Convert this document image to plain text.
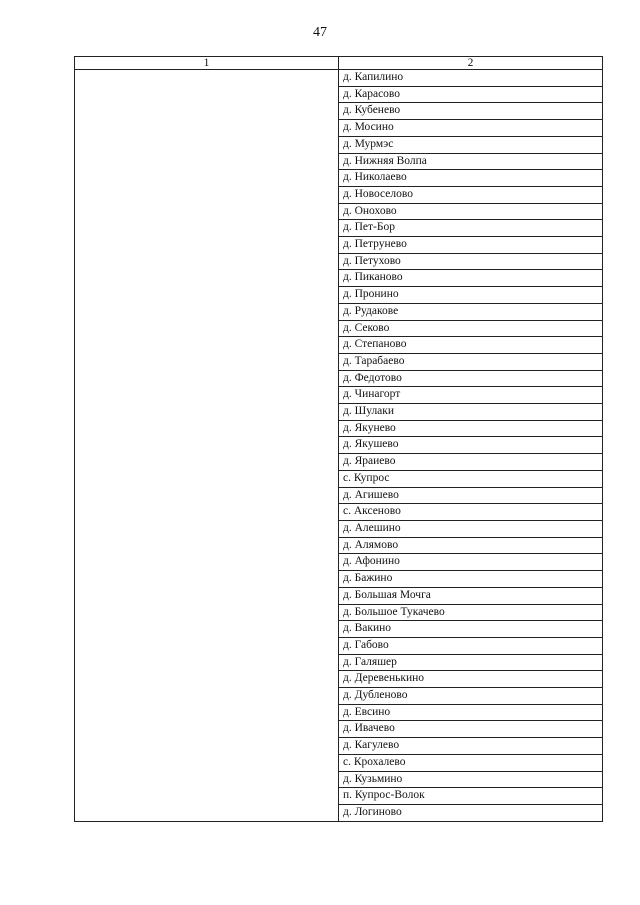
47
1	2
	д. Капилино
	д. Карасово
	д. Кубенево
	д. Мосино
	д. Мурмэс
	д. Нижняя Волпа
	д. Николаево
	д. Новоселово
	д. Онохово
	д. Пет-Бор
	д. Петрунево
	д. Петухово
	д. Пиканово
	д. Пронино
	д. Рудакове
	д. Секово
	д. Степаново
	д. Тарабаево
	д. Федотово
	д. Чинагорт
	д. Шулаки
	д. Якунево
	д. Якушево
	д. Яраиево
	с. Купрос
	д. Агишево
	с. Аксеново
	д. Алешино
	д. Алямово
	д. Афонино
	д. Бажино
	д. Большая Мочга
	д. Большое Тукачево
	д. Вакино
	д. Габово
	д. Галяшер
	д. Деревенькино
	д. Дубленово
	д. Евсино
	д. Ивачево
	д. Кагулево
	с. Крохалево
	д. Кузьмино
	п. Купрос-Волок
	д. Логиново
